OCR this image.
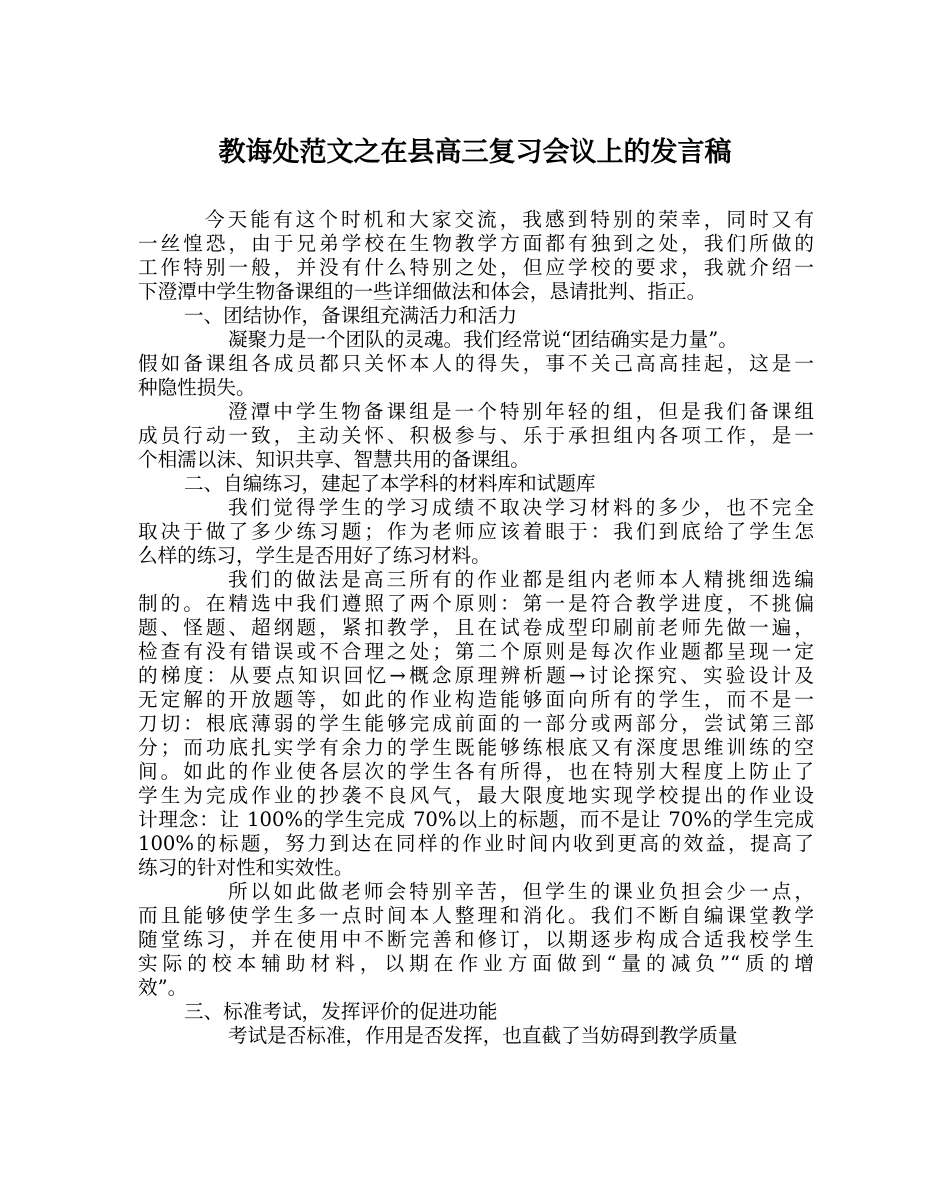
教诲处范文之在县高三复习会议上的发言稿
今天能有这个时机和大家交流，我感到特别的荣幸，同时又有
一丝惶恐，由于兄弟学校在生物教学方面都有独到之处，我们所做的
工作特别一般，并没有什么特别之处，但应学校的要求，我就介绍一
下澄潭中学生物备课组的一些详细做法和体会，恳请批判、指正。
一、团结协作，备课组充满活力和活力
凝聚力是一个团队的灵魂。我们经常说“团结确实是力量”。
假如备课组各成员都只关怀本人的得失，事不关己高高挂起，这是一
种隐性损失。
澄潭中学生物备课组是一个特别年轻的组，但是我们备课组
成员行动一致，主动关怀、积极参与、乐于承担组内各项工作，是一
个相濡以沫、知识共享、智慧共用的备课组。
二、自编练习，建起了本学科的材料库和试题库
我们觉得学生的学习成绩不取决学习材料的多少，也不完全
取决于做了多少练习题；作为老师应该着眼于：我们到底给了学生怎
么样的练习，学生是否用好了练习材料。
我们的做法是高三所有的作业都是组内老师本人精挑细选编
制的。在精选中我们遵照了两个原则：第一是符合教学进度，不挑偏
题、怪题、超纲题，紧扣教学，且在试卷成型印刷前老师先做一遍，
检查有没有错误或不合理之处；第二个原则是每次作业题都呈现一定
的梯度：从要点知识回忆→概念原理辨析题→讨论探究、实验设计及
无定解的开放题等，如此的作业构造能够面向所有的学生，而不是一
刀切：根底薄弱的学生能够完成前面的一部分或两部分，尝试第三部
分；而功底扎实学有余力的学生既能够练根底又有深度思维训练的空
间。如此的作业使各层次的学生各有所得，也在特别大程度上防止了
学生为完成作业的抄袭不良风气，最大限度地实现学校提出的作业设
计理念：让 100%的学生完成 70%以上的标题，而不是让 70%的学生完成
100%的标题，努力到达在同样的作业时间内收到更高的效益，提高了
练习的针对性和实效性。
所以如此做老师会特别辛苦，但学生的课业负担会少一点，
而且能够使学生多一点时间本人整理和消化。我们不断自编课堂教学
随堂练习，并在使用中不断完善和修订，以期逐步构成合适我校学生
实际的校本辅助材料，以期在作业方面做到“量的减负”“质的增
效”。
三、标准考试，发挥评价的促进功能
考试是否标准，作用是否发挥，也直截了当妨碍到教学质量
